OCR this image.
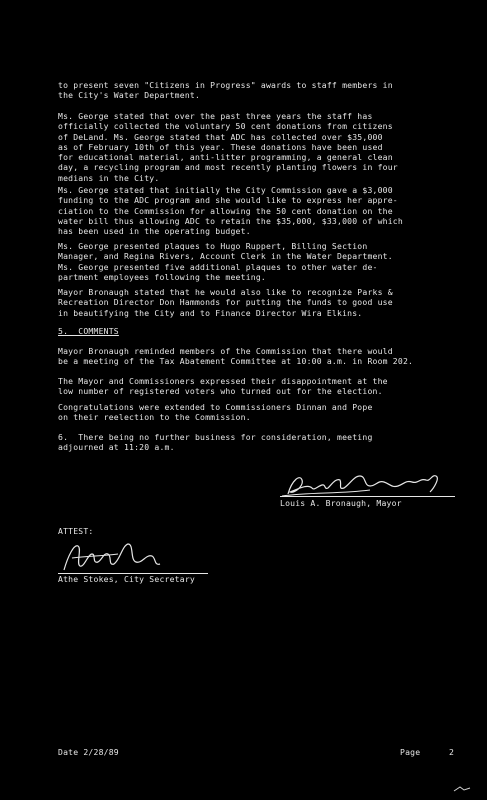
to present seven "Citizens in Progress" awards to staff members in
the City's Water Department.
Ms. George stated that over the past three years the staff has
officially collected the voluntary 50 cent donations from citizens
of DeLand. Ms. George stated that ADC has collected over $35,000
as of February 10th of this year. These donations have been used
for educational material, anti-litter programming, a general clean
day, a recycling program and most recently planting flowers in four
medians in the City.
Ms. George stated that initially the City Commission gave a $3,000
funding to the ADC program and she would like to express her appre-
ciation to the Commission for allowing the 50 cent donation on the
water bill thus allowing ADC to retain the $35,000, $33,000 of which
has been used in the operating budget.
Ms. George presented plaques to Hugo Ruppert, Billing Section
Manager, and Regina Rivers, Account Clerk in the Water Department.
Ms. George presented five additional plaques to other water de-
partment employees following the meeting.
Mayor Bronaugh stated that he would also like to recognize Parks &
Recreation Director Don Hammonds for putting the funds to good use
in beautifying the City and to Finance Director Wira Elkins.
5.  COMMENTS
Mayor Bronaugh reminded members of the Commission that there would
be a meeting of the Tax Abatement Committee at 10:00 a.m. in Room 202.
The Mayor and Commissioners expressed their disappointment at the
low number of registered voters who turned out for the election.
Congratulations were extended to Commissioners Dinnan and Pope
on their reelection to the Commission.
6.  There being no further business for consideration, meeting
adjourned at 11:20 a.m.
Louis A. Bronaugh, Mayor
ATTEST:
Athe Stokes, City Secretary
Date 2/28/89	Page	2
